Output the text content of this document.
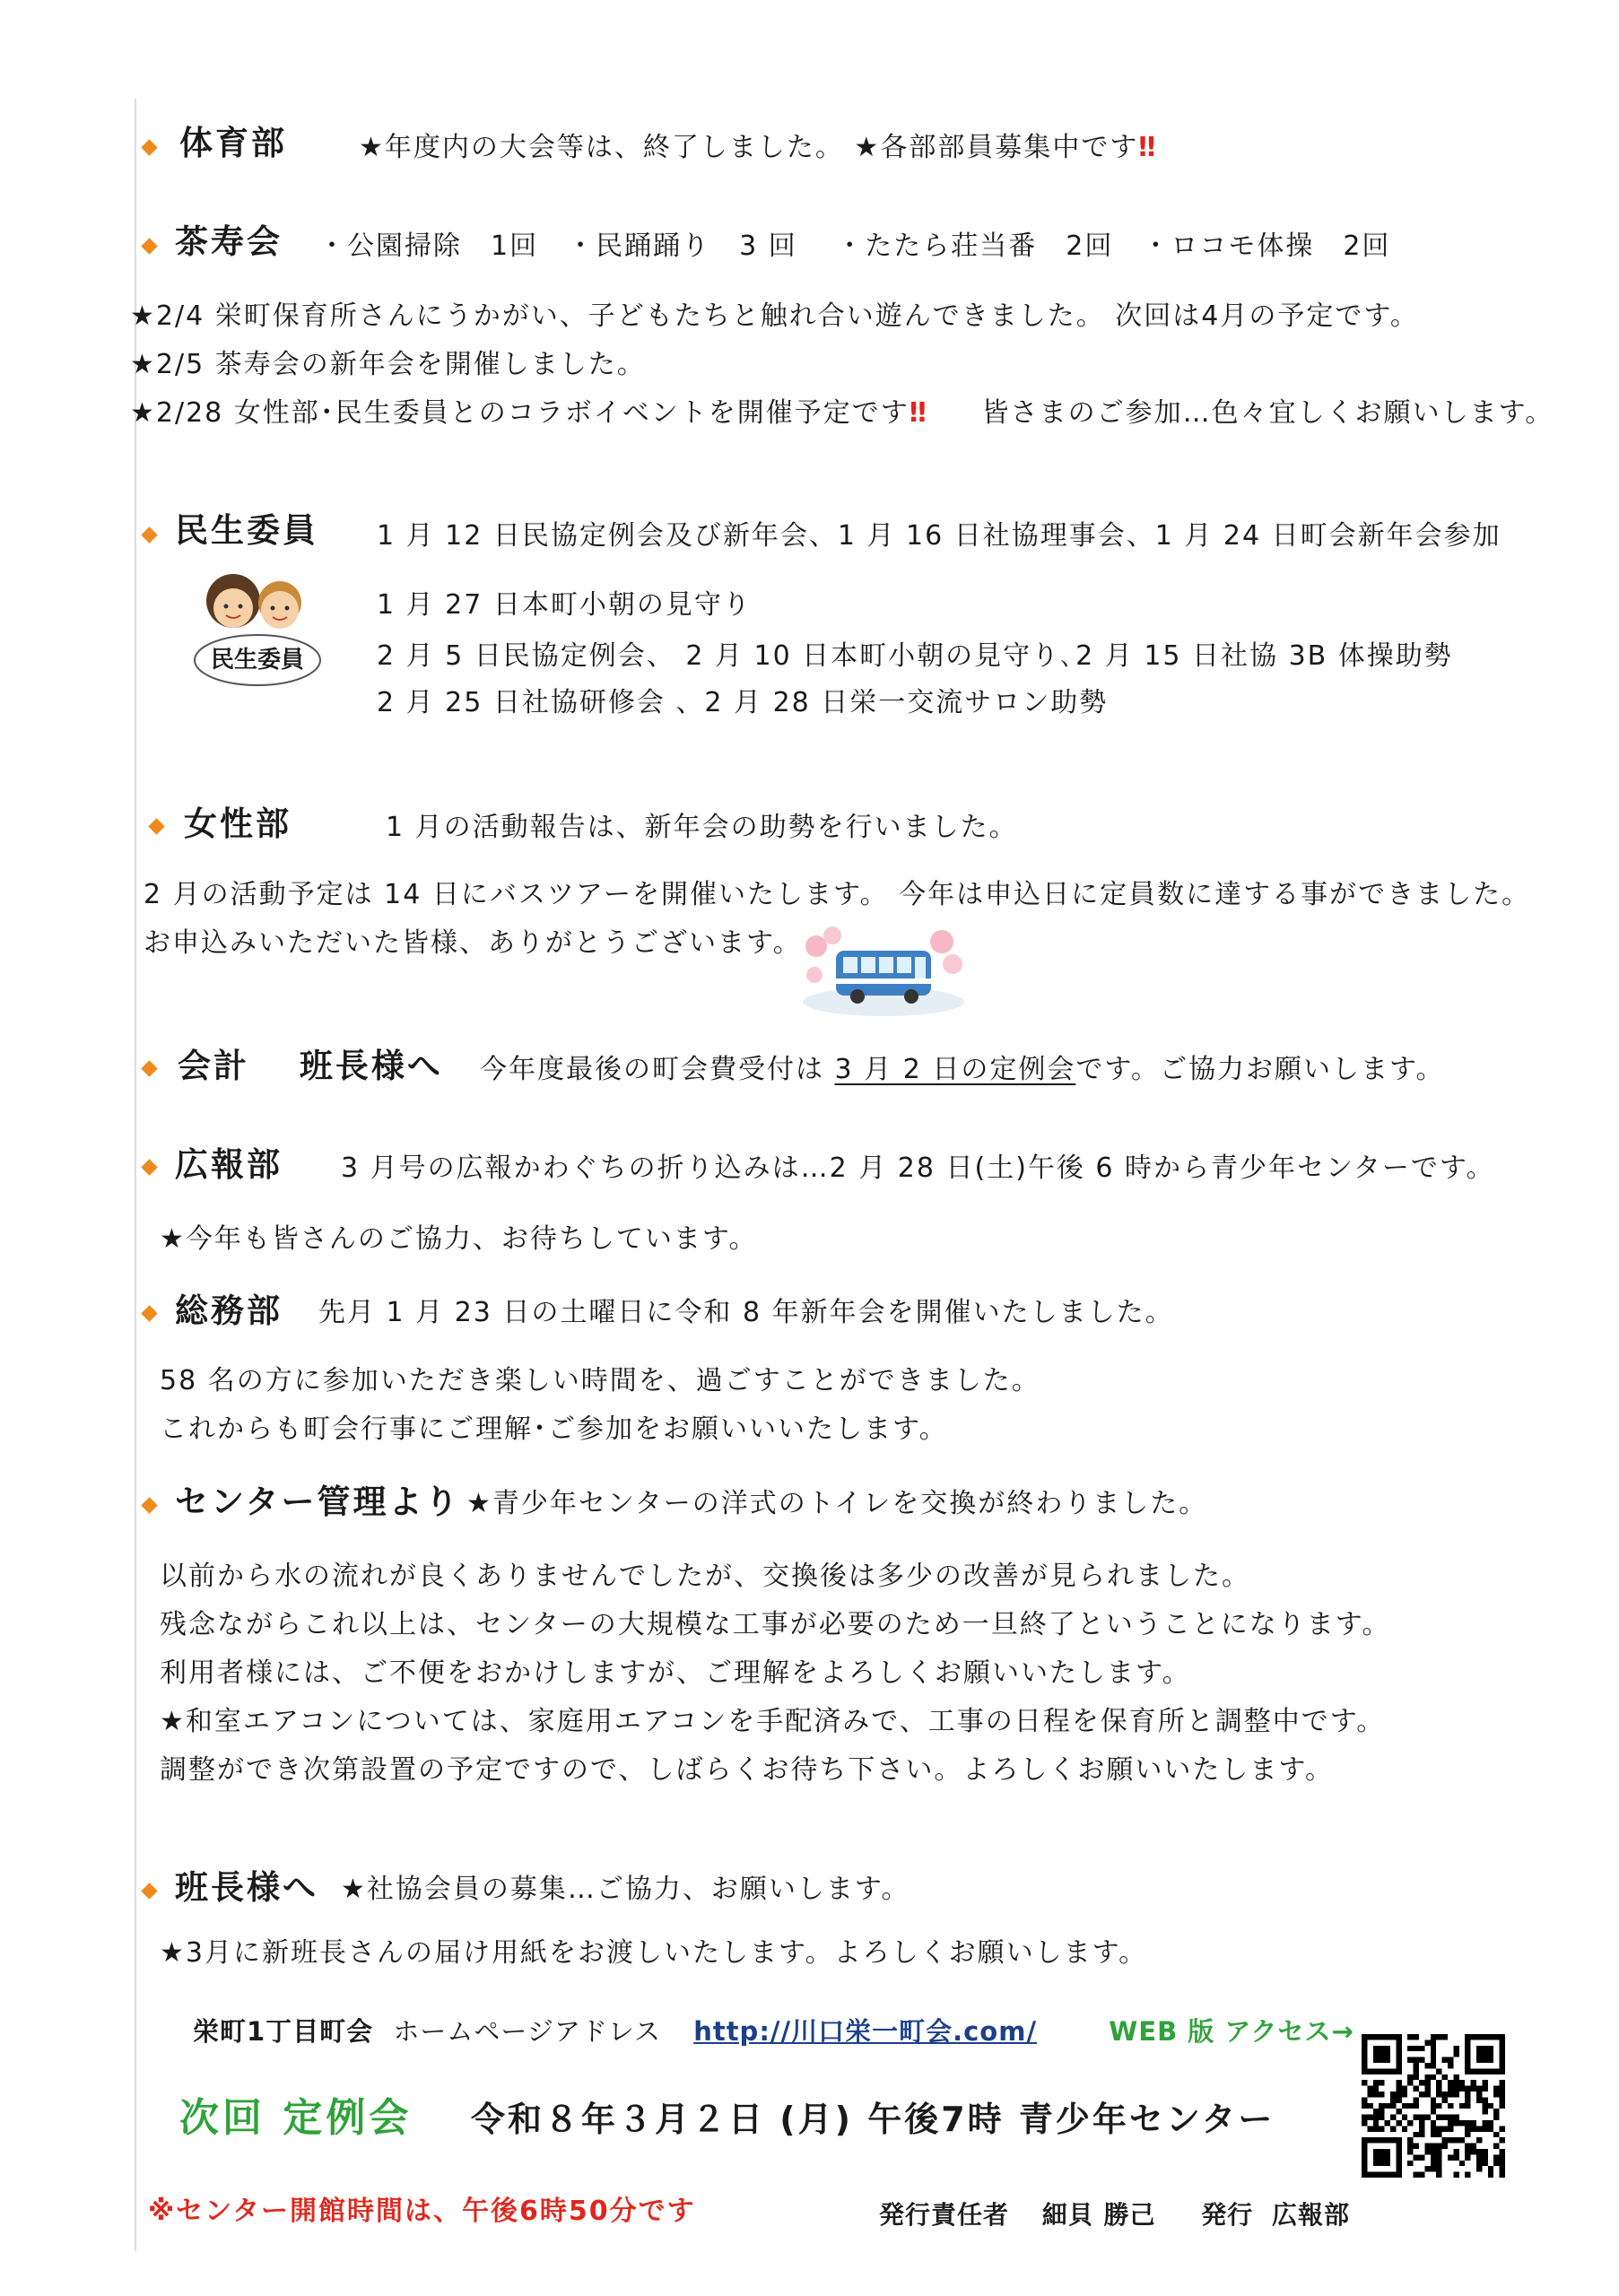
体育部	★年度内の大会等は、終了しました。 ★各部部員募集中です‼
茶寿会 ・公園掃除　1回　・民踊踊り　3 回　 ・たたら荘当番　2回　・ロコモ体操　2回
★2/4 栄町保育所さんにうかがい、子どもたちと触れ合い遊んできました。 次回は4月の予定です。
★2/5 茶寿会の新年会を開催しました。
★2/28 女性部･民生委員とのコラボイベントを開催予定です‼ 皆さまのご参加…色々宜しくお願いします。
民生委員 1 月 12 日民協定例会及び新年会、1 月 16 日社協理事会、1 月 24 日町会新年会参加
1 月 27 日本町小朝の見守り
2 月 5 日民協定例会、 2 月 10 日本町小朝の見守り､2 月 15 日社協 3B 体操助勢
2 月 25 日社協研修会 、2 月 28 日栄一交流サロン助勢
民生委員
女性部	1 月の活動報告は、新年会の助勢を行いました。
2 月の活動予定は 14 日にバスツアーを開催いたします。 今年は申込日に定員数に達する事ができました。
お申込みいただいた皆様、ありがとうございます。
会計　 班長様へ 今年度最後の町会費受付は 3 月 2 日の定例会です。ご協力お願いします。
広報部 3 月号の広報かわぐちの折り込みは…2 月 28 日(土)午後 6 時から青少年センターです。
★今年も皆さんのご協力、お待ちしています。
総務部 先月 1 月 23 日の土曜日に令和 8 年新年会を開催いたしました。
58 名の方に参加いただき楽しい時間を、過ごすことができました。
これからも町会行事にご理解･ご参加をお願いいいたします。
センター管理より ★青少年センターの洋式のトイレを交換が終わりました。
以前から水の流れが良くありませんでしたが、交換後は多少の改善が見られました。
残念ながらこれ以上は、センターの大規模な工事が必要のため一旦終了ということになります。
利用者様には、ご不便をおかけしますが、ご理解をよろしくお願いいたします。
★和室エアコンについては、家庭用エアコンを手配済みで、工事の日程を保育所と調整中です。
調整ができ次第設置の予定ですので、しばらくお待ち下さい。よろしくお願いいたします。
班長様へ ★社協会員の募集…ご協力、お願いします。
★3月に新班長さんの届け用紙をお渡しいたします。よろしくお願いします。
栄町1丁目町会 ホームページアドレス http://川口栄一町会.com/	WEB 版 アクセス→
次回 定例会 令和８年３月２日 (月) 午後7時 青少年センター
※センター開館時間は、午後6時50分です	発行責任者 細貝 勝己 発行 広報部
